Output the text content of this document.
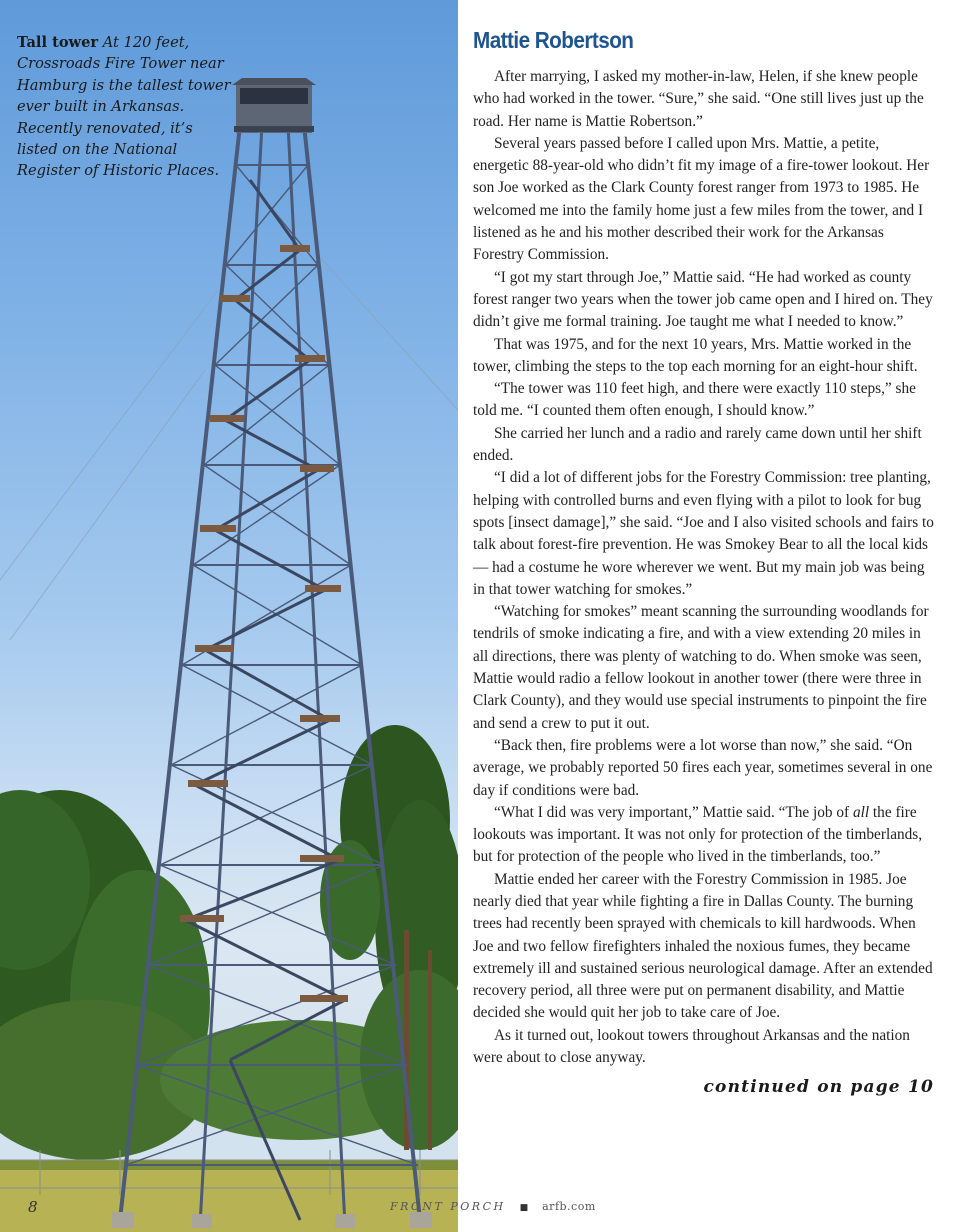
Tall tower At 120 feet, Crossroads Fire Tower near Hamburg is the tallest tower ever built in Arkansas. Recently renovated, it’s listed on the National Register of Historic Places.
Mattie Robertson

After marrying, I asked my mother-in-law, Helen, if she knew people who had worked in the tower. “Sure,” she said. “One still lives just up the road. Her name is Mattie Robertson.”

Several years passed before I called upon Mrs. Mattie, a petite, energetic 88-year-old who didn’t fit my image of a fire-tower lookout. Her son Joe worked as the Clark County forest ranger from 1973 to 1985. He welcomed me into the family home just a few miles from the tower, and I listened as he and his mother described their work for the Arkansas Forestry Commission.

“I got my start through Joe,” Mattie said. “He had worked as county forest ranger two years when the tower job came open and I hired on. They didn’t give me formal training. Joe taught me what I needed to know.”

That was 1975, and for the next 10 years, Mrs. Mattie worked in the tower, climbing the steps to the top each morning for an eight-hour shift.

“The tower was 110 feet high, and there were exactly 110 steps,” she told me. “I counted them often enough, I should know.”

She carried her lunch and a radio and rarely came down until her shift ended.

“I did a lot of different jobs for the Forestry Commission: tree planting, helping with controlled burns and even flying with a pilot to look for bug spots [insect damage],” she said. “Joe and I also visited schools and fairs to talk about forest-fire prevention. He was Smokey Bear to all the local kids — had a costume he wore wherever we went. But my main job was being in that tower watching for smokes.”

“Watching for smokes” meant scanning the surrounding woodlands for tendrils of smoke indicating a fire, and with a view extending 20 miles in all directions, there was plenty of watching to do. When smoke was seen, Mattie would radio a fellow lookout in another tower (there were three in Clark County), and they would use special instruments to pinpoint the fire and send a crew to put it out.

“Back then, fire problems were a lot worse than now,” she said. “On average, we probably reported 50 fires each year, sometimes several in one day if conditions were bad.

“What I did was very important,” Mattie said. “The job of all the fire lookouts was important. It was not only for protection of the timberlands, but for protection of the people who lived in the timberlands, too.”

Mattie ended her career with the Forestry Commission in 1985. Joe nearly died that year while fighting a fire in Dallas County. The burning trees had recently been sprayed with chemicals to kill hardwoods. When Joe and two fellow firefighters inhaled the noxious fumes, they became extremely ill and sustained serious neurological damage. After an extended recovery period, all three were put on permanent disability, and Mattie decided she would quit her job to take care of Joe.

As it turned out, lookout towers throughout Arkansas and the nation were about to close anyway.

continued on page 10
8	FRONT PORCH ■ arfb.com
